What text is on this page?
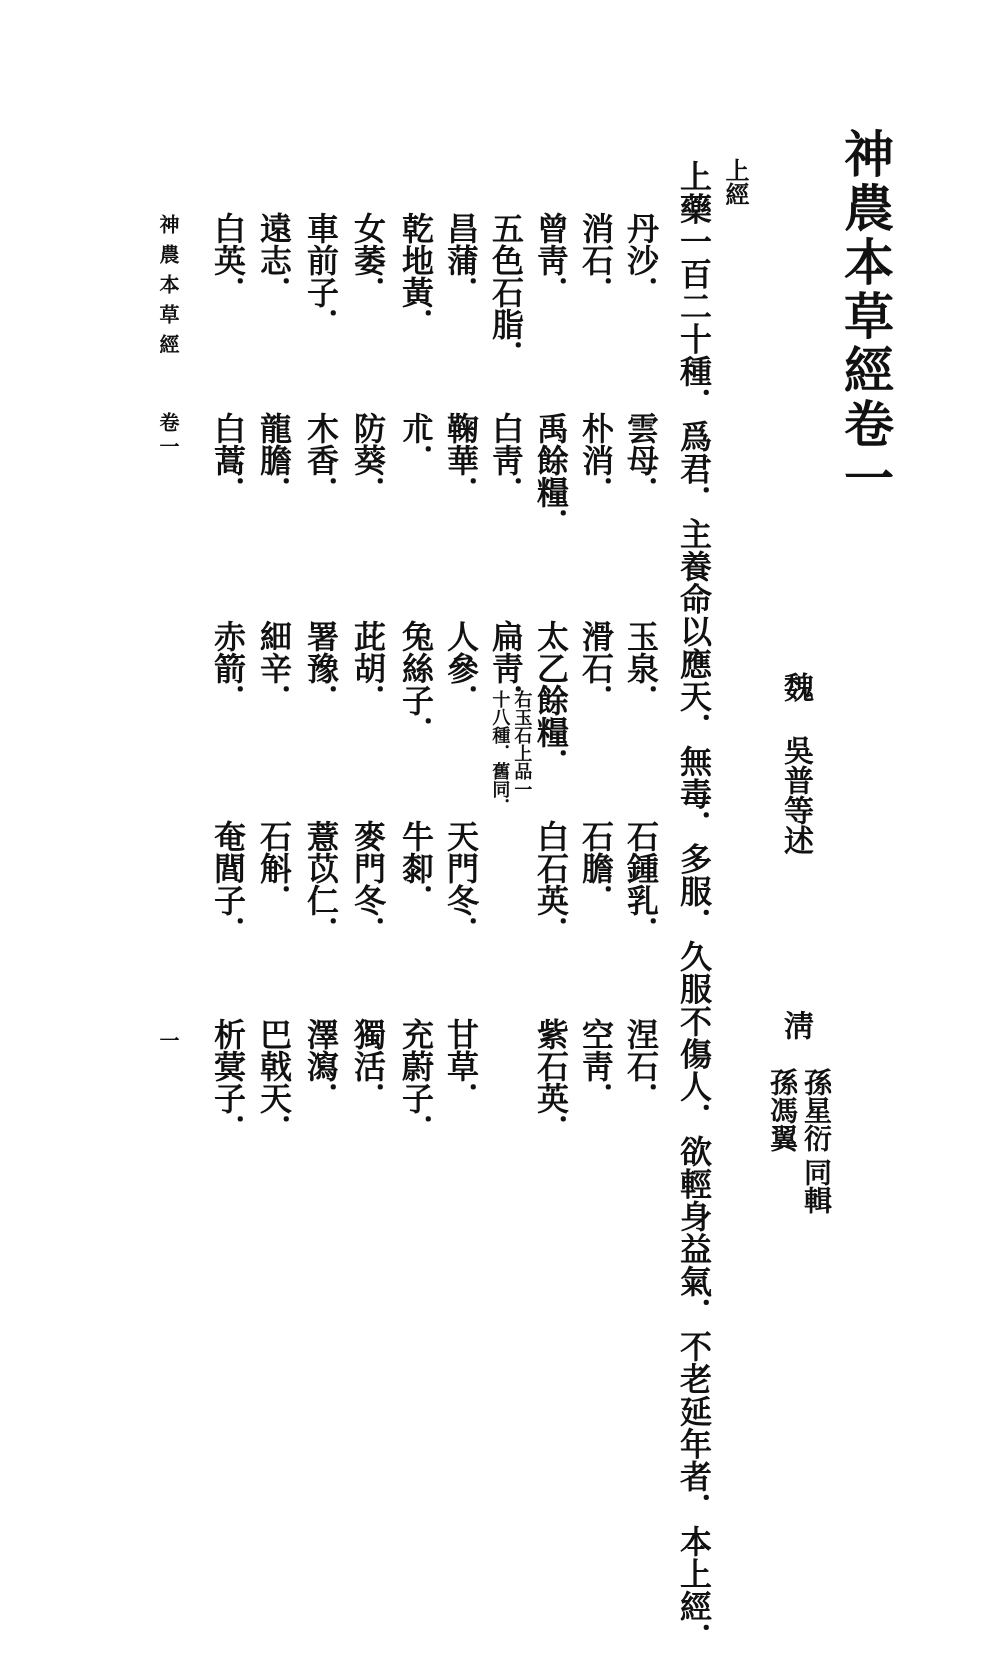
神農本草經卷一
魏
吳普等述
淸
孫星衍
孫馮翼
同輯
上經
上藥一百二十種．爲君．主養命以應天．無毒．多服．久服不傷人．欲輕身益氣．不老延年者．本上經．
丹沙．
雲母．
玉泉．
石鍾乳．
涅石．
消石．
朴消．
滑石．
石膽．
空靑．
曾靑．
禹餘糧．
太乙餘糧．
白石英．
紫石英．
五色石脂．
白靑．
扁靑．
右玉石上品一
十八種．舊同．
昌蒲．
鞠華．
人參．
天門冬．
甘草．
乾地黃．
朮．
兔絲子．
牛厀．
充蔚子．
女萎．
防葵．
茈胡．
麥門冬．
獨活．
車前子．
木香．
署豫．
薏苡仁．
澤瀉．
遠志．
龍膽．
細辛．
石斛．
巴戟天．
白英．
白蒿．
赤箭．
奄閭子．
析蓂子．
神農本草經
卷一
一
